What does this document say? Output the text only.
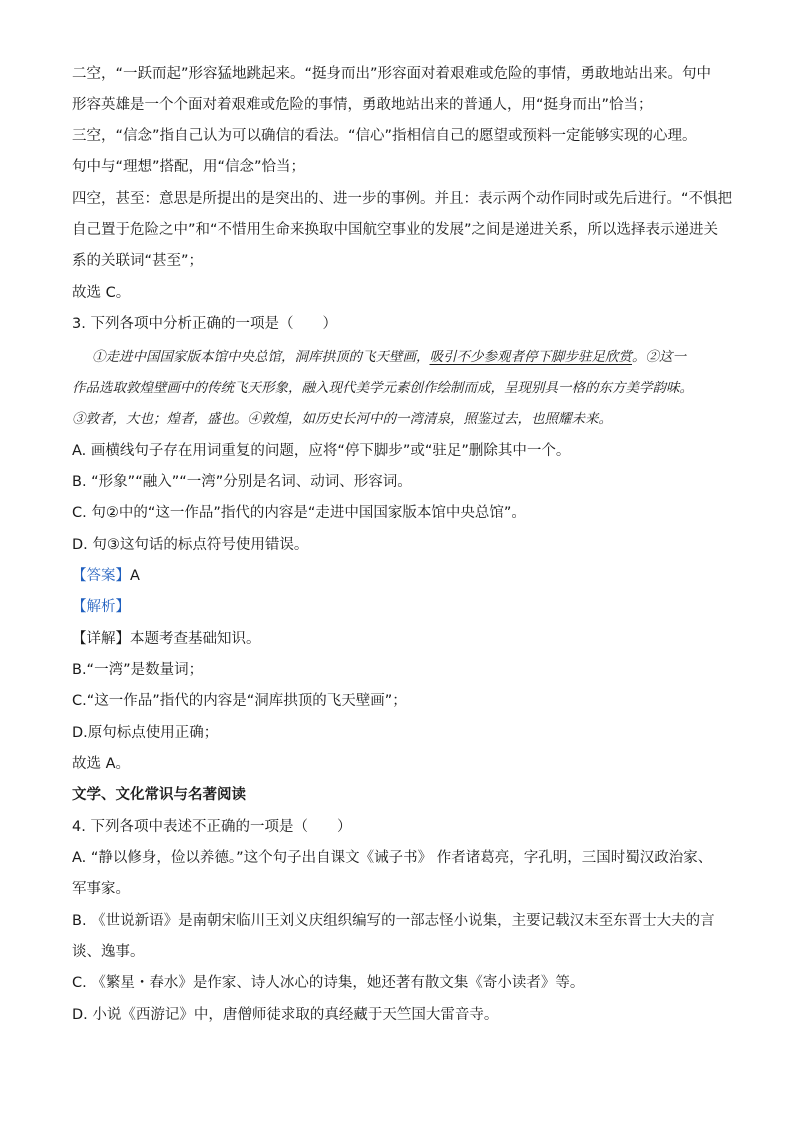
二空，“一跃而起”形容猛地跳起来。“挺身而出”形容面对着艰难或危险的事情，勇敢地站出来。句中
形容英雄是一个个面对着艰难或危险的事情，勇敢地站出来的普通人，用“挺身而出”恰当；
三空，“信念”指自己认为可以确信的看法。“信心”指相信自己的愿望或预料一定能够实现的心理。
句中与“理想”搭配，用“信念”恰当；
四空，甚至：意思是所提出的是突出的、进一步的事例。并且：表示两个动作同时或先后进行。“不惧把
自己置于危险之中”和“不惜用生命来换取中国航空事业的发展”之间是递进关系，所以选择表示递进关
系的关联词“甚至”；
故选 C。
3. 下列各项中分析正确的一项是（　　）
①走进中国国家版本馆中央总馆，洞库拱顶的飞天壁画，吸引不少参观者停下脚步驻足欣赏。②这一
作品选取敦煌壁画中的传统飞天形象，融入现代美学元素创作绘制而成，呈现别具一格的东方美学韵味。
③敦者，大也；煌者，盛也。④敦煌，如历史长河中的一湾清泉，照鉴过去，也照耀未来。
A. 画横线句子存在用词重复的问题，应将“停下脚步”或“驻足”删除其中一个。
B. “形象”“融入”“一湾”分别是名词、动词、形容词。
C. 句②中的“这一作品”指代的内容是“走进中国国家版本馆中央总馆”。
D. 句③这句话的标点符号使用错误。
【答案】A
【解析】
【详解】本题考查基础知识。
B.“一湾”是数量词；
C.“这一作品”指代的内容是“洞库拱顶的飞天壁画”；
D.原句标点使用正确；
故选 A。
文学、文化常识与名著阅读
4. 下列各项中表述不正确的一项是（　　）
A. “静以修身，俭以养德。”这个句子出自课文《诫子书》 作者诸葛亮，字孔明，三国时蜀汉政治家、
军事家。
B. 《世说新语》是南朝宋临川王刘义庆组织编写的一部志怪小说集，主要记载汉末至东晋士大夫的言
谈、逸事。
C. 《繁星・春水》是作家、诗人冰心的诗集，她还著有散文集《寄小读者》等。
D. 小说《西游记》中，唐僧师徒求取的真经藏于天竺国大雷音寺。
